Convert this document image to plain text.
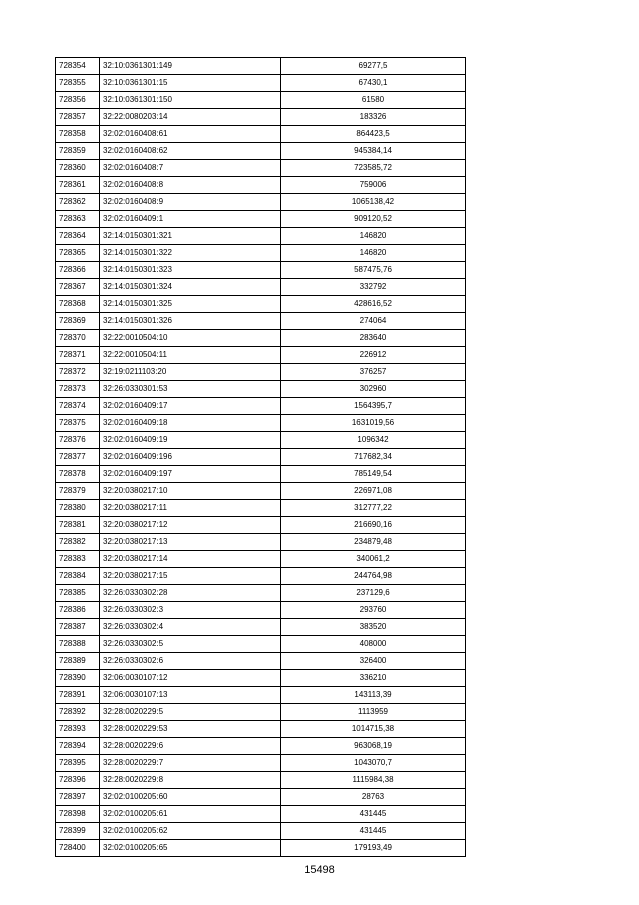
728354	32:10:0361301:149	69277,5
728355	32:10:0361301:15	67430,1
728356	32:10:0361301:150	61580
728357	32:22:0080203:14	183326
728358	32:02:0160408:61	864423,5
728359	32:02:0160408:62	945384,14
728360	32:02:0160408:7	723585,72
728361	32:02:0160408:8	759006
728362	32:02:0160408:9	1065138,42
728363	32:02:0160409:1	909120,52
728364	32:14:0150301:321	146820
728365	32:14:0150301:322	146820
728366	32:14:0150301:323	587475,76
728367	32:14:0150301:324	332792
728368	32:14:0150301:325	428616,52
728369	32:14:0150301:326	274064
728370	32:22:0010504:10	283640
728371	32:22:0010504:11	226912
728372	32:19:0211103:20	376257
728373	32:26:0330301:53	302960
728374	32:02:0160409:17	1564395,7
728375	32:02:0160409:18	1631019,56
728376	32:02:0160409:19	1096342
728377	32:02:0160409:196	717682,34
728378	32:02:0160409:197	785149,54
728379	32:20:0380217:10	226971,08
728380	32:20:0380217:11	312777,22
728381	32:20:0380217:12	216690,16
728382	32:20:0380217:13	234879,48
728383	32:20:0380217:14	340061,2
728384	32:20:0380217:15	244764,98
728385	32:26:0330302:28	237129,6
728386	32:26:0330302:3	293760
728387	32:26:0330302:4	383520
728388	32:26:0330302:5	408000
728389	32:26:0330302:6	326400
728390	32:06:0030107:12	336210
728391	32:06:0030107:13	143113,39
728392	32:28:0020229:5	1113959
728393	32:28:0020229:53	1014715,38
728394	32:28:0020229:6	963068,19
728395	32:28:0020229:7	1043070,7
728396	32:28:0020229:8	1115984,38
728397	32:02:0100205:60	28763
728398	32:02:0100205:61	431445
728399	32:02:0100205:62	431445
728400	32:02:0100205:65	179193,49
15498
